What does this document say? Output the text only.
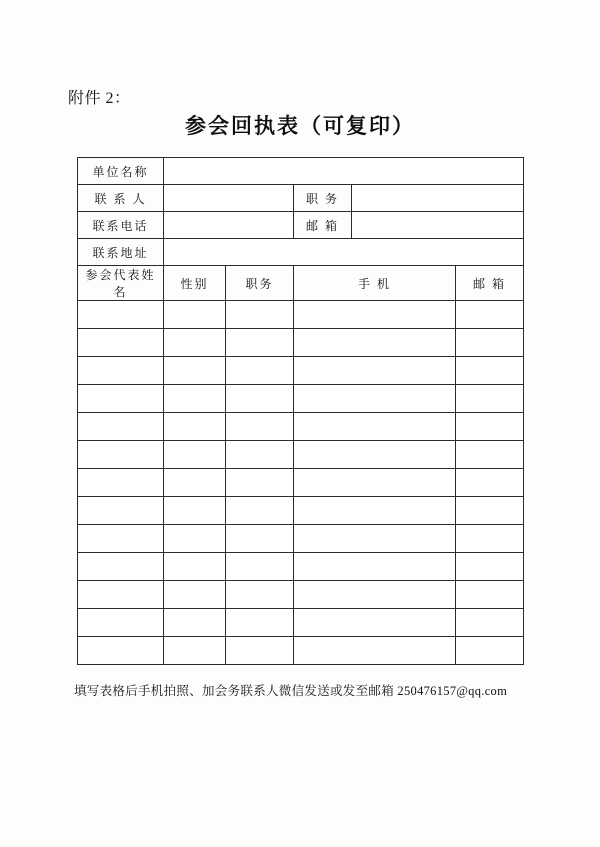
附件 2：
参会回执表（可复印）
单位名称					
联 系 人			职 务		
联系电话			邮 箱		
联系地址					
参会代表姓名	性别	职务	手 机		邮 箱

填写表格后手机拍照、加会务联系人微信发送或发至邮箱 250476157@qq.com
